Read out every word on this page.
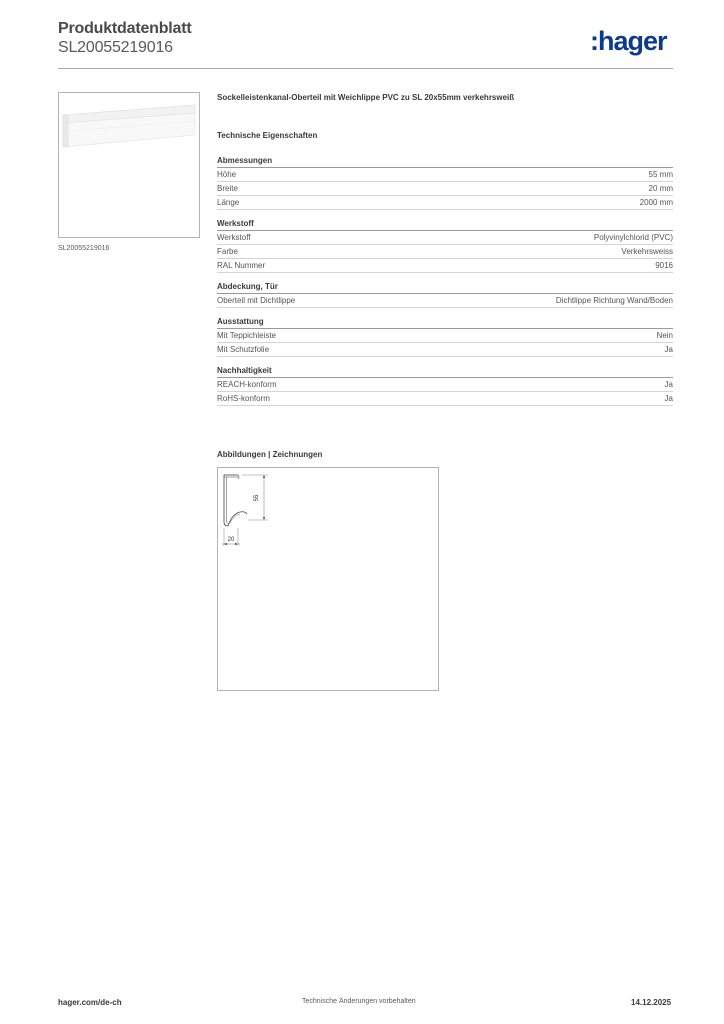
Produktdatenblatt
SL20055219016	:hager
SL20055219016
Sockelleistenkanal-Oberteil mit Weichlippe PVC zu SL 20x55mm verkehrsweiß
Technische Eigenschaften
Abmessungen
Höhe	55 mm
Breite	20 mm
Länge	2000 mm
Werkstoff
Werkstoff	Polyvinylchlorid (PVC)
Farbe	Verkehrsweiss
RAL Nummer	9016
Abdeckung, Tür
Oberteil mit Dichtlippe	Dichtlippe Richtung Wand/Boden
Ausstattung
Mit Teppichleiste	Nein
Mit Schutzfolie	Ja
Nachhaltigkeit
REACH-konform	Ja
RoHS-konform	Ja
Abbildungen | Zeichnungen
55
20
hager.com/de-ch	Technische Änderungen vorbehalten	14.12.2025
